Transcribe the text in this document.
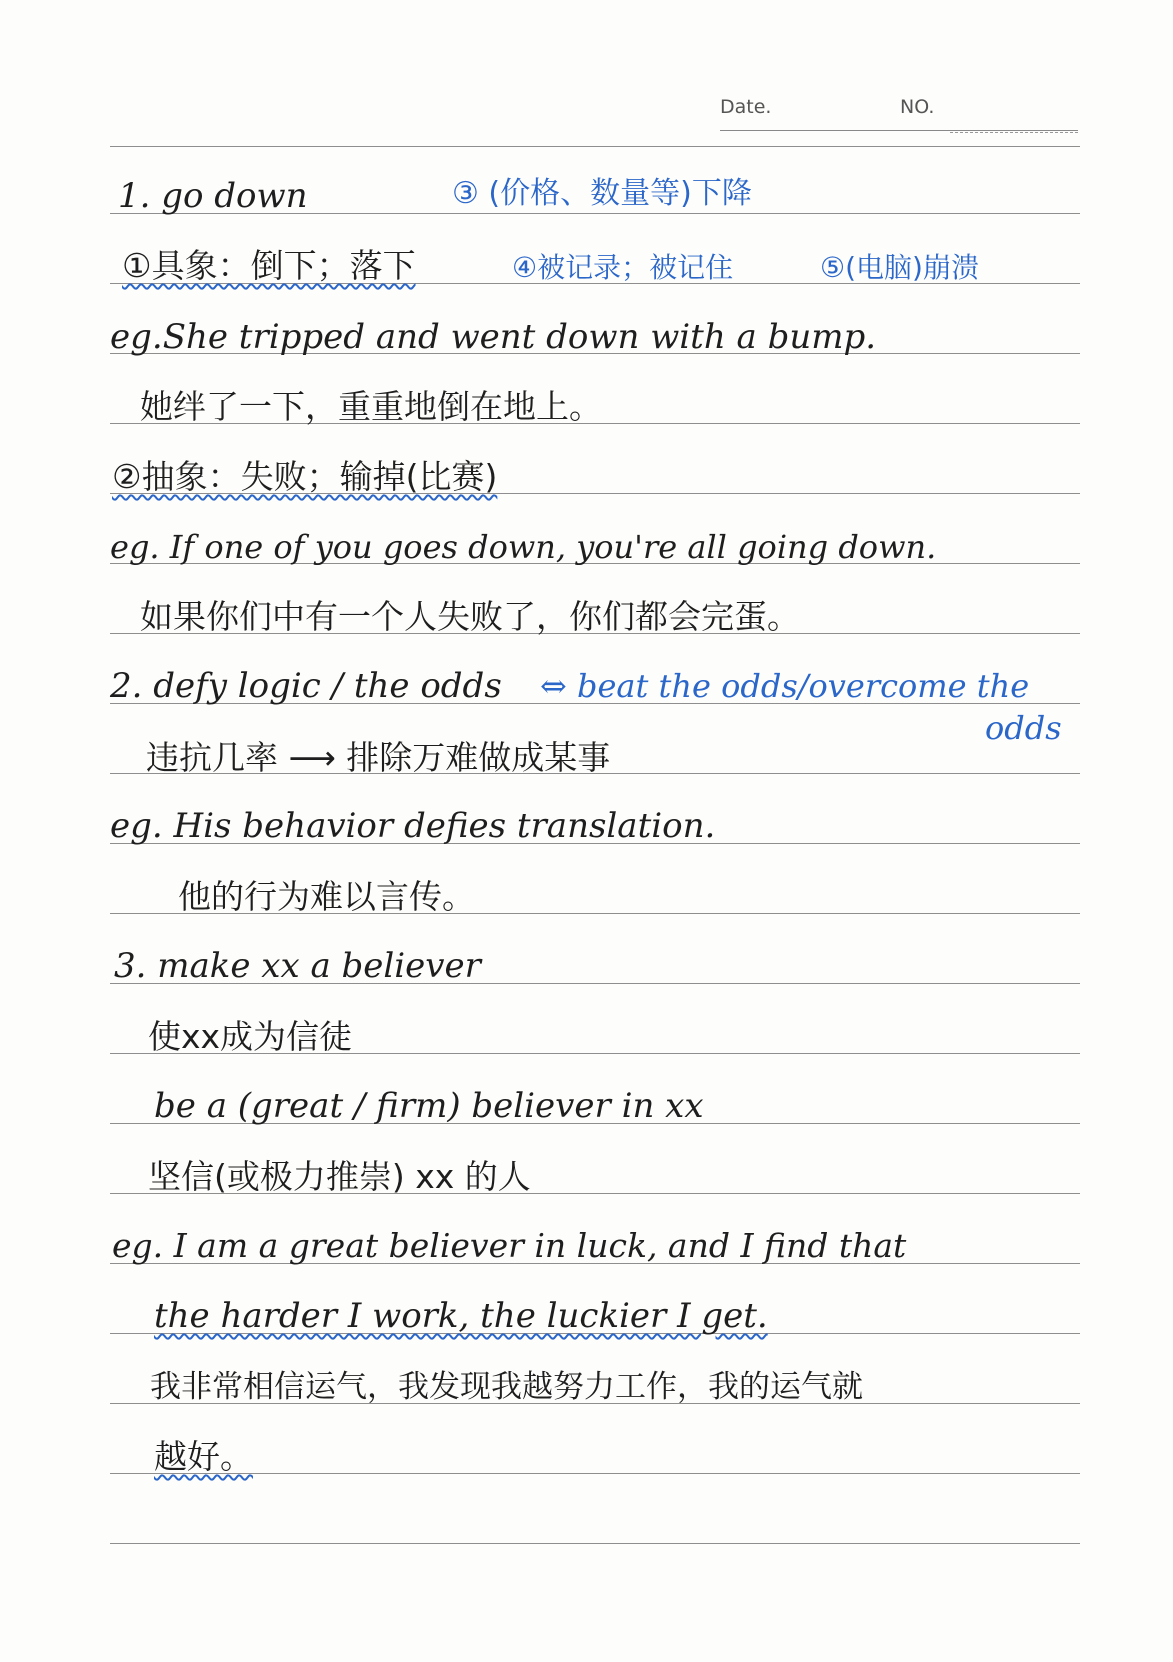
Date.	NO.
1. go down	③ (价格、数量等)下降
①具象：倒下；落下	④被记录；被记住	⑤(电脑)崩溃
eg.She tripped and went down with a bump.
她绊了一下，重重地倒在地上。
②抽象：失败；输掉(比赛)
eg. If one of you goes down, you're all going down.
如果你们中有一个人失败了，你们都会完蛋。
2. defy logic / the odds ⇔ beat the odds/overcome the
odds
违抗几率 ⟶ 排除万难做成某事
eg. His behavior defies translation.
他的行为难以言传。
3. make xx a believer
使xx成为信徒
be a (great / firm) believer in xx
坚信(或极力推崇) xx 的人
eg. I am a great believer in luck, and I find that
the harder I work, the luckier I get.
我非常相信运气，我发现我越努力工作，我的运气就
越好。
